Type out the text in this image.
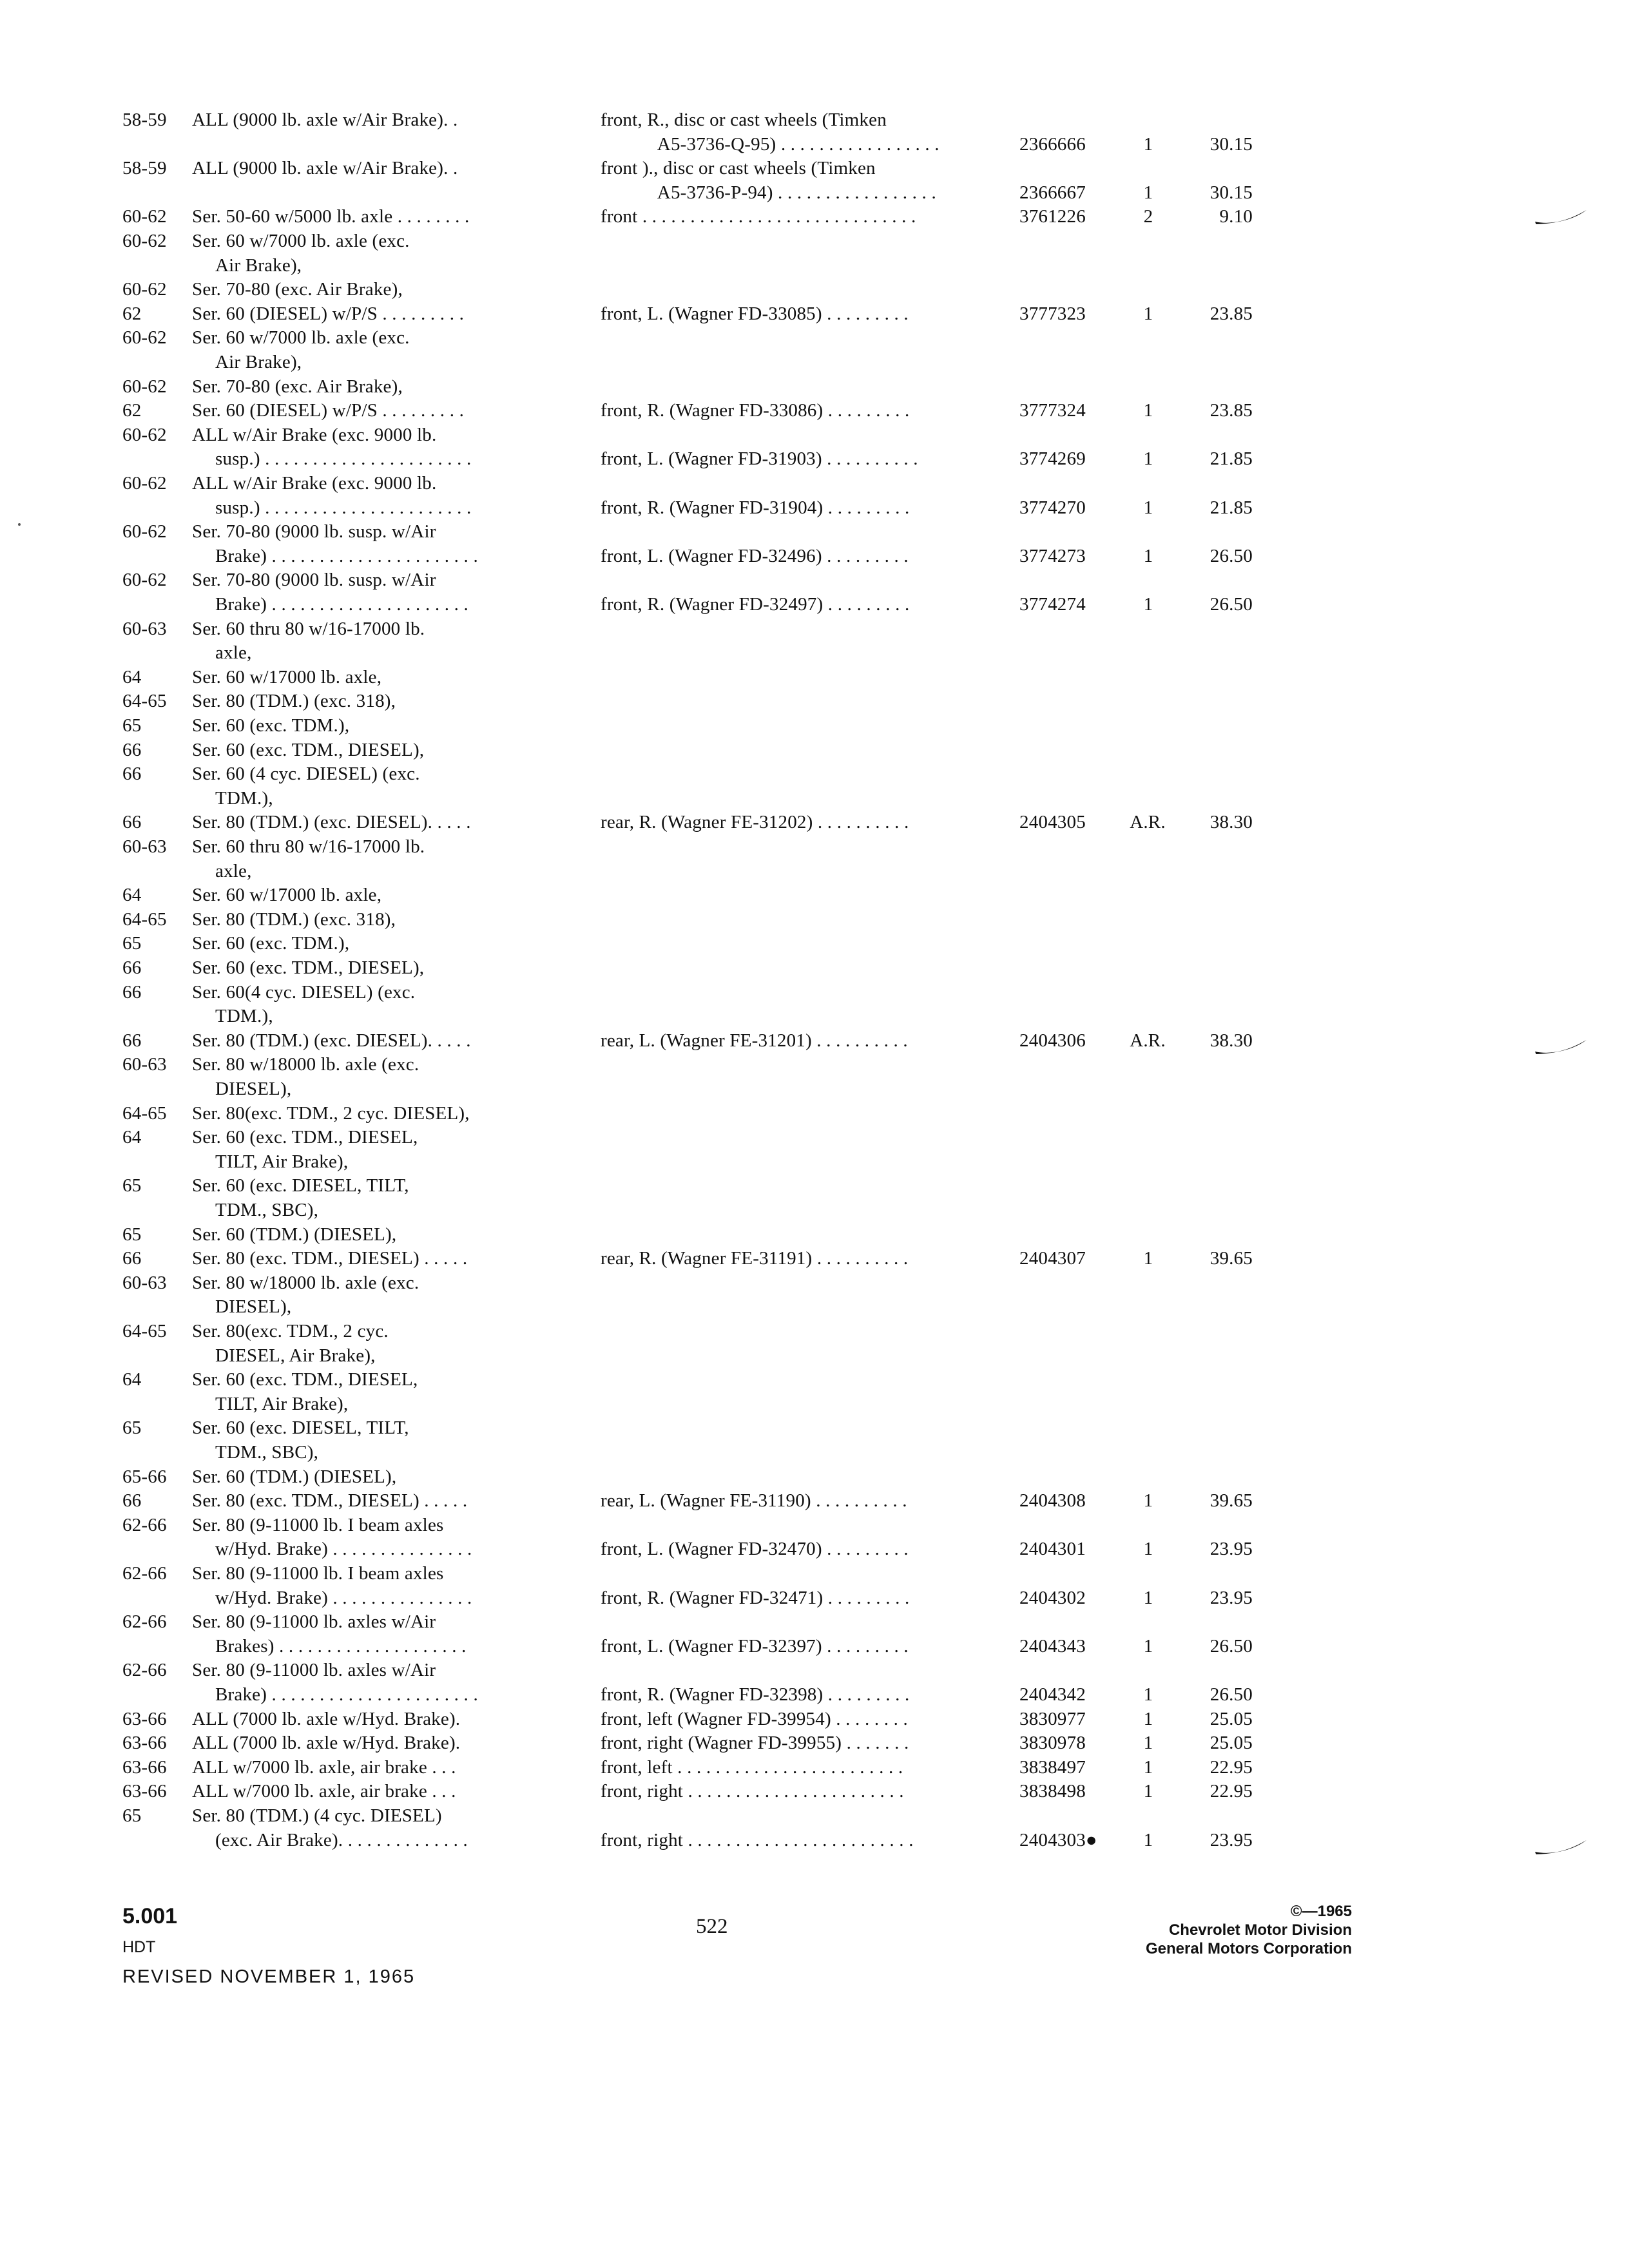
58-59 ALL (9000 lb. axle w/Air Brake). .	front, R., disc or cast wheels (Timken
A5-3736-Q-95) . . . . . . . . . . . . . . . . .	2366666	1	30.15
58-59 ALL (9000 lb. axle w/Air Brake). .	front )., disc or cast wheels (Timken
A5-3736-P-94) . . . . . . . . . . . . . . . . .	2366667	1	30.15
60-62 Ser. 50-60 w/5000 lb. axle . . . . . . . .	front . . . . . . . . . . . . . . . . . . . . . . . . . . . . .	3761226	2	9.10
60-62 Ser. 60 w/7000 lb. axle (exc.
Air Brake),
60-62 Ser. 70-80 (exc. Air Brake),
62	Ser. 60 (DIESEL) w/P/S . . . . . . . . .	front, L. (Wagner FD-33085) . . . . . . . . .	3777323	1	23.85
60-62 Ser. 60 w/7000 lb. axle (exc.
Air Brake),
60-62 Ser. 70-80 (exc. Air Brake),
62	Ser. 60 (DIESEL) w/P/S . . . . . . . . .	front, R. (Wagner FD-33086) . . . . . . . . .	3777324	1	23.85
60-62 ALL w/Air Brake (exc. 9000 lb.
susp.) . . . . . . . . . . . . . . . . . . . . . .	front, L. (Wagner FD-31903) . . . . . . . . . .	3774269	1	21.85
60-62 ALL w/Air Brake (exc. 9000 lb.
susp.) . . . . . . . . . . . . . . . . . . . . . .	front, R. (Wagner FD-31904) . . . . . . . . .	3774270	1	21.85
60-62 Ser. 70-80 (9000 lb. susp. w/Air
Brake) . . . . . . . . . . . . . . . . . . . . . .	front, L. (Wagner FD-32496) . . . . . . . . .	3774273	1	26.50
60-62 Ser. 70-80 (9000 lb. susp. w/Air
Brake) . . . . . . . . . . . . . . . . . . . . .	front, R. (Wagner FD-32497) . . . . . . . . .	3774274	1	26.50
60-63 Ser. 60 thru 80 w/16-17000 lb.
axle,
64	Ser. 60 w/17000 lb. axle,
64-65 Ser. 80 (TDM.) (exc. 318),
65	Ser. 60 (exc. TDM.),
66	Ser. 60 (exc. TDM., DIESEL),
66	Ser. 60 (4 cyc. DIESEL) (exc.
TDM.),
66	Ser. 80 (TDM.) (exc. DIESEL). . . . .	rear, R. (Wagner FE-31202) . . . . . . . . . .	2404305	A.R.	38.30
60-63 Ser. 60 thru 80 w/16-17000 lb.
axle,
64	Ser. 60 w/17000 lb. axle,
64-65 Ser. 80 (TDM.) (exc. 318),
65	Ser. 60 (exc. TDM.),
66	Ser. 60 (exc. TDM., DIESEL),
66	Ser. 60(4 cyc. DIESEL) (exc.
TDM.),
66	Ser. 80 (TDM.) (exc. DIESEL). . . . .	rear, L. (Wagner FE-31201) . . . . . . . . . .	2404306	A.R.	38.30
60-63 Ser. 80 w/18000 lb. axle (exc.
DIESEL),
64-65 Ser. 80(exc. TDM., 2 cyc. DIESEL),
64	Ser. 60 (exc. TDM., DIESEL,
TILT, Air Brake),
65	Ser. 60 (exc. DIESEL, TILT,
TDM., SBC),
65	Ser. 60 (TDM.) (DIESEL),
66	Ser. 80 (exc. TDM., DIESEL) . . . . .	rear, R. (Wagner FE-31191) . . . . . . . . . .	2404307	1	39.65
60-63 Ser. 80 w/18000 lb. axle (exc.
DIESEL),
64-65 Ser. 80(exc. TDM., 2 cyc.
DIESEL, Air Brake),
64	Ser. 60 (exc. TDM., DIESEL,
TILT, Air Brake),
65	Ser. 60 (exc. DIESEL, TILT,
TDM., SBC),
65-66 Ser. 60 (TDM.) (DIESEL),
66	Ser. 80 (exc. TDM., DIESEL) . . . . .	rear, L. (Wagner FE-31190) . . . . . . . . . .	2404308	1	39.65
62-66 Ser. 80 (9-11000 lb. I beam axles
w/Hyd. Brake) . . . . . . . . . . . . . . .	front, L. (Wagner FD-32470) . . . . . . . . .	2404301	1	23.95
62-66 Ser. 80 (9-11000 lb. I beam axles
w/Hyd. Brake) . . . . . . . . . . . . . . .	front, R. (Wagner FD-32471) . . . . . . . . .	2404302	1	23.95
62-66 Ser. 80 (9-11000 lb. axles w/Air
Brakes) . . . . . . . . . . . . . . . . . . . .	front, L. (Wagner FD-32397) . . . . . . . . .	2404343	1	26.50
62-66 Ser. 80 (9-11000 lb. axles w/Air
Brake) . . . . . . . . . . . . . . . . . . . . . .	front, R. (Wagner FD-32398) . . . . . . . . .	2404342	1	26.50
63-66 ALL (7000 lb. axle w/Hyd. Brake).	front, left (Wagner FD-39954) . . . . . . . .	3830977	1	25.05
63-66 ALL (7000 lb. axle w/Hyd. Brake).	front, right (Wagner FD-39955) . . . . . . .	3830978	1	25.05
63-66 ALL w/7000 lb. axle, air brake . . .	front, left . . . . . . . . . . . . . . . . . . . . . . . .	3838497	1	22.95
63-66 ALL w/7000 lb. axle, air brake . . .	front, right . . . . . . . . . . . . . . . . . . . . . . .	3838498	1	22.95
65	Ser. 80 (TDM.) (4 cyc. DIESEL)
(exc. Air Brake). . . . . . . . . . . . . .	front, right . . . . . . . . . . . . . . . . . . . . . . . .	2404303●	1	23.95
5.001
HDT
REVISED NOVEMBER 1, 1965
522
©—1965
Chevrolet Motor Division
General Motors Corporation
